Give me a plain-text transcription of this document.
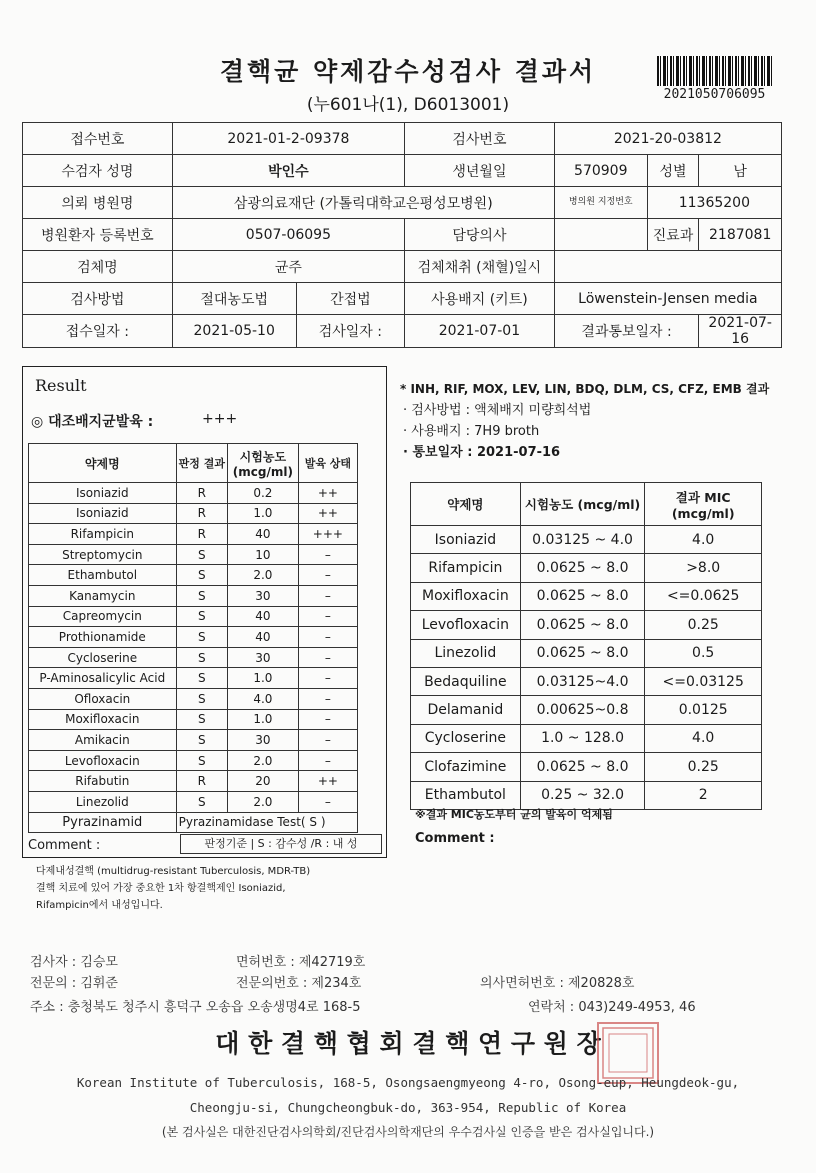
결핵균 약제감수성검사 결과서
(누601나(1), D6013001)
2021050706095
접수번호	2021-01-2-09378		검사번호	2021-20-03812		
수검자 성명	박인수		생년월일	570909	성별	남
의뢰 병원명	삼광의료재단 (가톨릭대학교은평성모병원)			병의원 지정번호	11365200	
병원환자 등록번호	0507-06095		담당의사		진료과	2187081
검체명	균주		검체채취 (채혈)일시			
검사방법	절대농도법	간접법	사용배지 (키트)	Löwenstein-Jensen media		
접수일자 :	2021-05-10	검사일자 :	2021-07-01	결과통보일자 :		2021-07-16
Result
◎ 대조배지균발육 :	+++
약제명	판정 결과	시험농도 (mcg/ml)	발육 상태
Isoniazid	R	0.2	++
Isoniazid	R	1.0	++
Rifampicin	R	40	+++
Streptomycin	S	10	–
Ethambutol	S	2.0	–
Kanamycin	S	30	–
Capreomycin	S	40	–
Prothionamide	S	40	–
Cycloserine	S	30	–
P-Aminosalicylic Acid	S	1.0	–
Ofloxacin	S	4.0	–
Moxifloxacin	S	1.0	–
Amikacin	S	30	–
Levofloxacin	S	2.0	–
Rifabutin	R	20	++
Linezolid	S	2.0	–
Pyrazinamid	Pyrazinamidase Test( S )		
Comment :	판정기준 | S : 감수성 /R : 내 성
다제내성결핵 (multidrug-resistant Tuberculosis, MDR-TB)
결핵 치료에 있어 가장 중요한 1차 항결핵제인 Isoniazid,
Rifampicin에서 내성입니다.
* INH, RIF, MOX, LEV, LIN, BDQ, DLM, CS, CFZ, EMB 결과
· 검사방법 : 액체배지 미량희석법
· 사용배지 : 7H9 broth
· 통보일자 : 2021-07-16
약제명	시험농도 (mcg/ml)	결과 MIC (mcg/ml)
Isoniazid	0.03125 ~ 4.0	4.0
Rifampicin	0.0625 ~ 8.0	>8.0
Moxifloxacin	0.0625 ~ 8.0	<=0.0625
Levofloxacin	0.0625 ~ 8.0	0.25
Linezolid	0.0625 ~ 8.0	0.5
Bedaquiline	0.03125~4.0	<=0.03125
Delamanid	0.00625~0.8	0.0125
Cycloserine	1.0 ~ 128.0	4.0
Clofazimine	0.0625 ~ 8.0	0.25
Ethambutol	0.25 ~ 32.0	2
※결과 MIC농도부터 균의 발육이 억제됨
Comment :
검사자 : 김승모	면허번호 : 제42719호
전문의 : 김휘준	전문의번호 : 제234호	의사면허번호 : 제20828호
주소 : 충청북도 청주시 흥덕구 오송읍 오송생명4로 168-5	연락처 : 043)249-4953, 46
대 한 결 핵 협 회 결 핵 연 구 원 장
Korean Institute of Tuberculosis, 168-5, Osongsaengmyeong 4-ro, Osong-eup, Heungdeok-gu,
Cheongju-si, Chungcheongbuk-do, 363-954, Republic of Korea
(본 검사실은 대한진단검사의학회/진단검사의학재단의 우수검사실 인증을 받은 검사실입니다.)
